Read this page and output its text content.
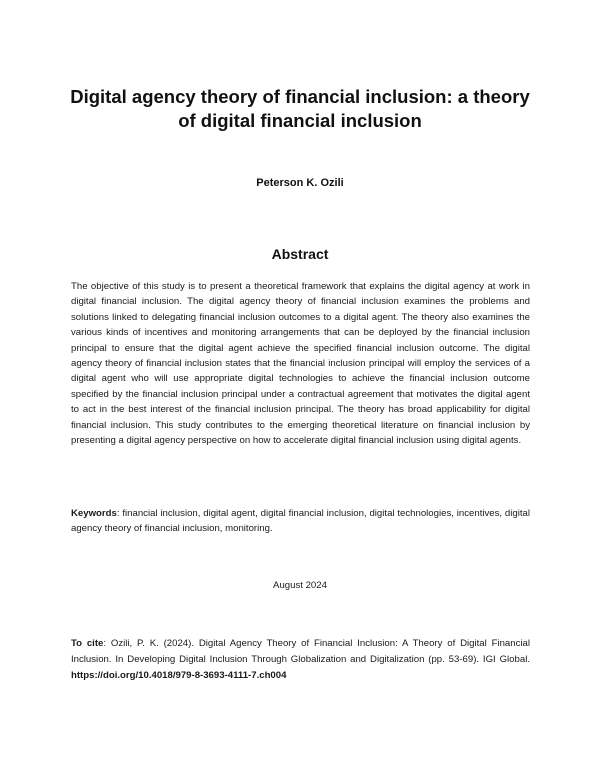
Digital agency theory of financial inclusion: a theory of digital financial inclusion
Peterson K. Ozili
Abstract
The objective of this study is to present a theoretical framework that explains the digital agency at work in digital financial inclusion. The digital agency theory of financial inclusion examines the problems and solutions linked to delegating financial inclusion outcomes to a digital agent. The theory also examines the various kinds of incentives and monitoring arrangements that can be deployed by the financial inclusion principal to ensure that the digital agent achieve the specified financial inclusion outcome. The digital agency theory of financial inclusion states that the financial inclusion principal will employ the services of a digital agent who will use appropriate digital technologies to achieve the financial inclusion outcome specified by the financial inclusion principal under a contractual agreement that motivates the digital agent to act in the best interest of the financial inclusion principal. The theory has broad applicability for digital financial inclusion. This study contributes to the emerging theoretical literature on financial inclusion by presenting a digital agency perspective on how to accelerate digital financial inclusion using digital agents.
Keywords: financial inclusion, digital agent, digital financial inclusion, digital technologies, incentives, digital agency theory of financial inclusion, monitoring.
August 2024
To cite: Ozili, P. K. (2024). Digital Agency Theory of Financial Inclusion: A Theory of Digital Financial Inclusion. In Developing Digital Inclusion Through Globalization and Digitalization (pp. 53-69). IGI Global. https://doi.org/10.4018/979-8-3693-4111-7.ch004
